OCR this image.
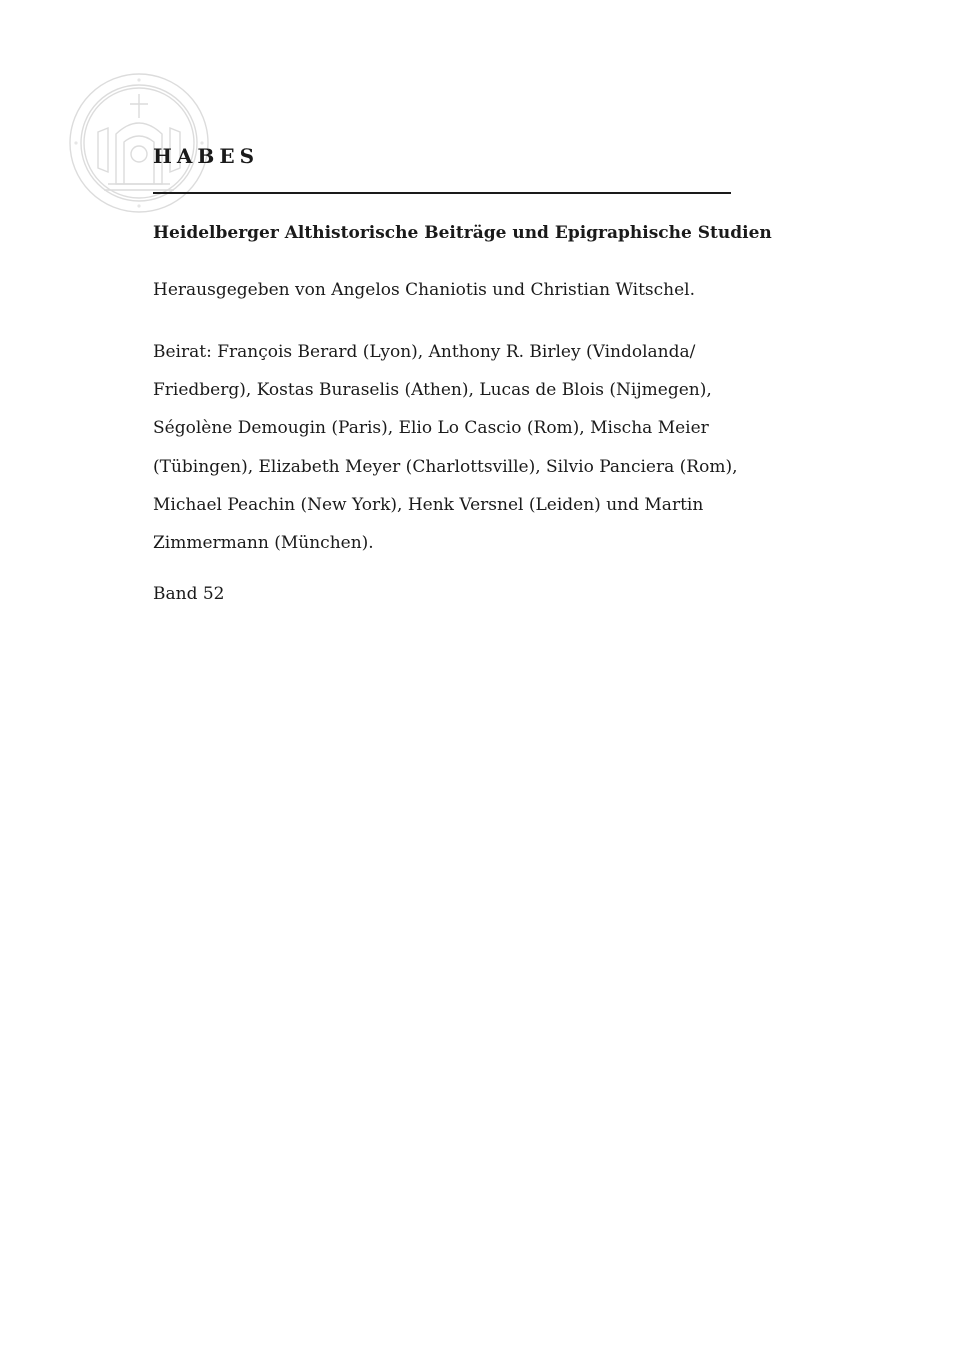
HABES
Heidelberger Althistorische Beiträge und Epigraphische Studien

Herausgegeben von Angelos Chaniotis und Christian Witschel.

Beirat: François Berard (Lyon), Anthony R. Birley (Vindolanda/ Friedberg), Kostas Buraselis (Athen), Lucas de Blois (Nijmegen), Ségolène Demougin (Paris), Elio Lo Cascio (Rom), Mischa Meier (Tübingen), Elizabeth Meyer (Charlottsville), Silvio Panciera (Rom), Michael Peachin (New York), Henk Versnel (Leiden) und Martin Zimmermann (München).

Band 52
